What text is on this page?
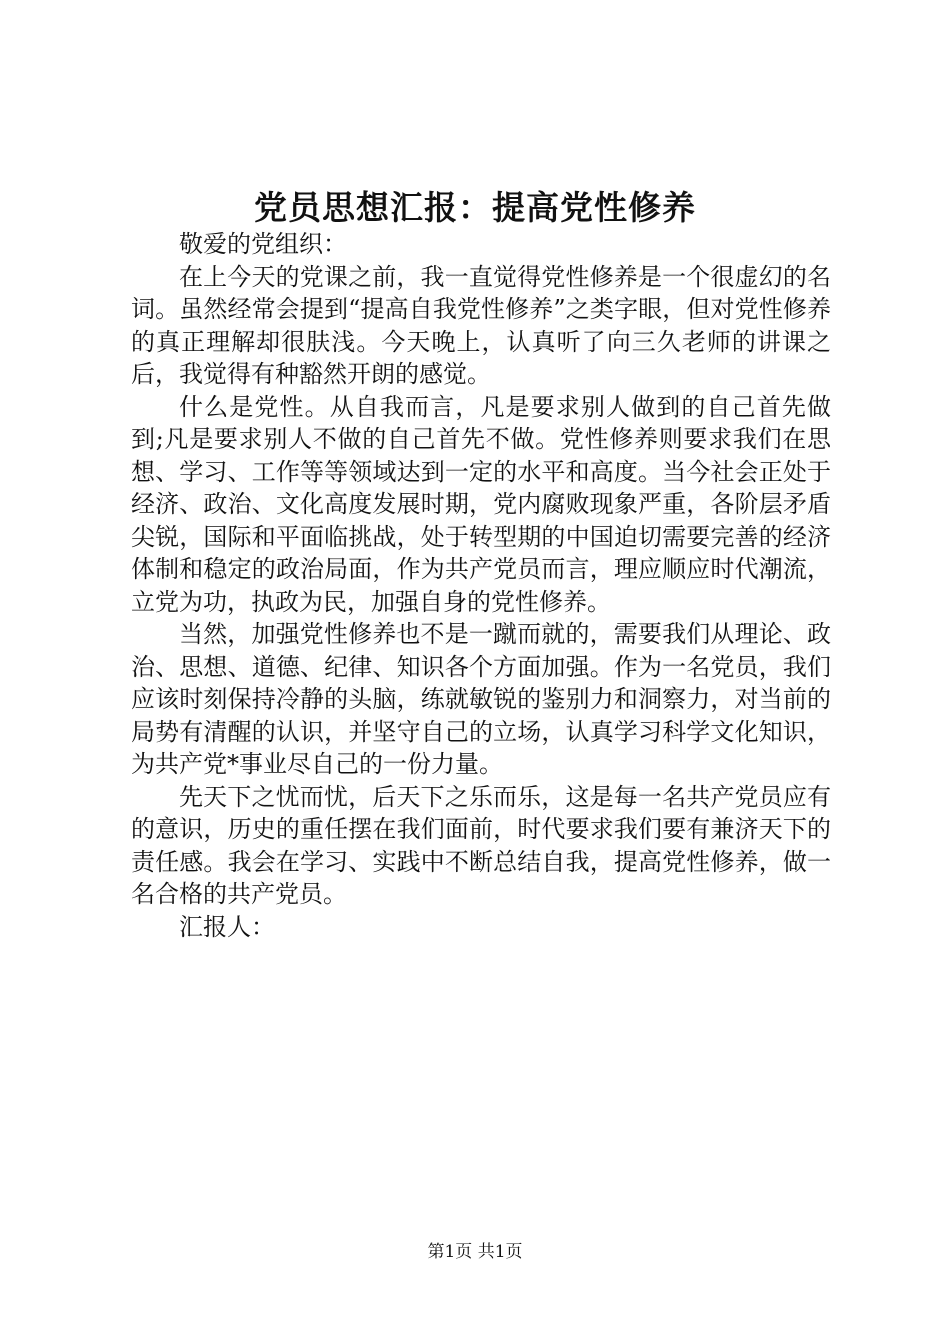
党员思想汇报：提高党性修养

敬爱的党组织：

在上今天的党课之前，我一直觉得党性修养是一个很虚幻的名词。虽然经常会提到“提高自我党性修养”之类字眼，但对党性修养的真正理解却很肤浅。今天晚上，认真听了向三久老师的讲课之后，我觉得有种豁然开朗的感觉。

什么是党性。从自我而言，凡是要求别人做到的自己首先做到;凡是要求别人不做的自己首先不做。党性修养则要求我们在思想、学习、工作等等领域达到一定的水平和高度。当今社会正处于经济、政治、文化高度发展时期，党内腐败现象严重，各阶层矛盾尖锐，国际和平面临挑战，处于转型期的中国迫切需要完善的经济体制和稳定的政治局面，作为共产党员而言，理应顺应时代潮流，立党为功，执政为民，加强自身的党性修养。

当然，加强党性修养也不是一蹴而就的，需要我们从理论、政治、思想、道德、纪律、知识各个方面加强。作为一名党员，我们应该时刻保持冷静的头脑，练就敏锐的鉴别力和洞察力，对当前的局势有清醒的认识，并坚守自己的立场，认真学习科学文化知识，为共产党*事业尽自己的一份力量。

先天下之忧而忧，后天下之乐而乐，这是每一名共产党员应有的意识，历史的重任摆在我们面前，时代要求我们要有兼济天下的责任感。我会在学习、实践中不断总结自我，提高党性修养，做一名合格的共产党员。

汇报人：

第1页 共1页
